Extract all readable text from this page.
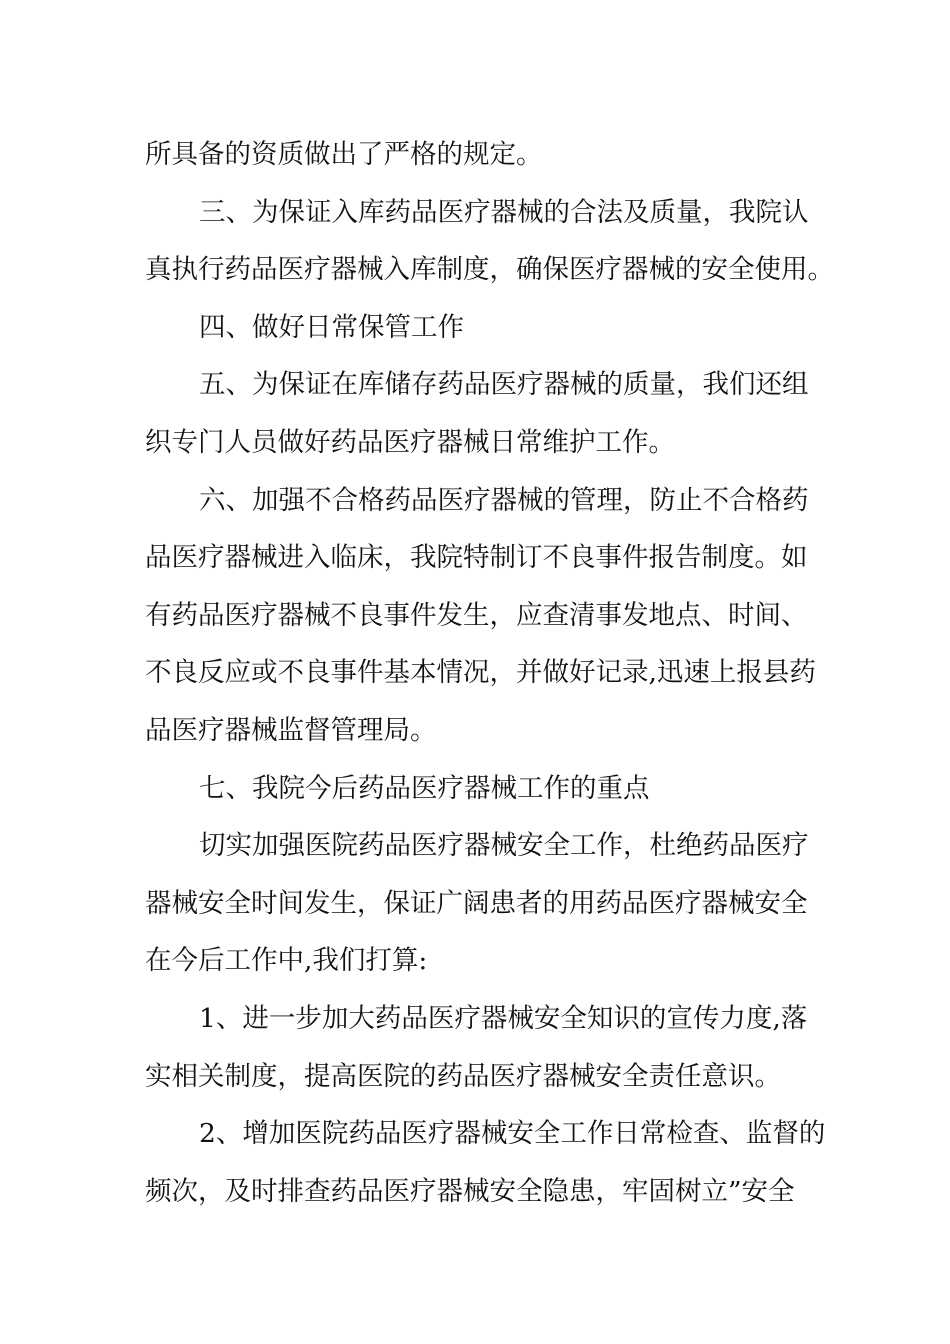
所具备的资质做出了严格的规定。
三、为保证入库药品医疗器械的合法及质量，我院认
真执行药品医疗器械入库制度，确保医疗器械的安全使用。
四、做好日常保管工作
五、为保证在库储存药品医疗器械的质量，我们还组
织专门人员做好药品医疗器械日常维护工作。
六、加强不合格药品医疗器械的管理，防止不合格药
品医疗器械进入临床，我院特制订不良事件报告制度。如
有药品医疗器械不良事件发生，应查清事发地点、时间、
不良反应或不良事件基本情况，并做好记录,迅速上报县药
品医疗器械监督管理局。
七、我院今后药品医疗器械工作的重点
切实加强医院药品医疗器械安全工作，杜绝药品医疗
器械安全时间发生，保证广阔患者的用药品医疗器械安全
在今后工作中,我们打算:
1、进一步加大药品医疗器械安全知识的宣传力度,落
实相关制度，提高医院的药品医疗器械安全责任意识。
2、增加医院药品医疗器械安全工作日常检查、监督的
频次，及时排查药品医疗器械安全隐患，牢固树立”安全
